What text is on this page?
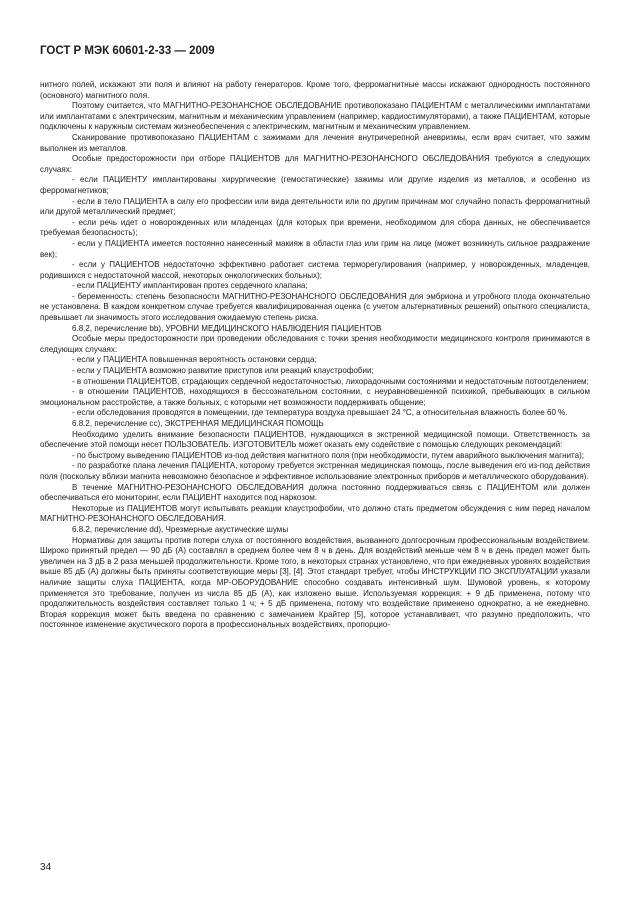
ГОСТ Р МЭК 60601-2-33 — 2009

нитного полей, искажают эти поля и влияют на работу генераторов. Кроме того, ферромагнитные массы искажают однородность постоянного (основного) магнитного поля.

Поэтому считается, что МАГНИТНО-РЕЗОНАНСНОЕ ОБСЛЕДОВАНИЕ противопоказано ПАЦИЕНТАМ с металлическими имплантатами или имплантатами с электрическим, магнитным и механическим управлением (например, кардиостимуляторами), а также ПАЦИЕНТАМ, которые подключены к наружным системам жизнеобеспечения с электрическим, магнитным и механическим управлением.

Сканирование противопоказано ПАЦИЕНТАМ с зажимами для лечения внутричерепной аневризмы, если врач считает, что зажим выполнен из металлов.

Особые предосторожности при отборе ПАЦИЕНТОВ для МАГНИТНО-РЕЗОНАНСНОГО ОБСЛЕДОВАНИЯ требуются в следующих случаях:

- если ПАЦИЕНТУ имплантированы хирургические (гемостатические) зажимы или другие изделия из металлов, и особенно из ферромагнетиков;

- если в тело ПАЦИЕНТА в силу его профессии или вида деятельности или по другим причинам мог случайно попасть ферромагнитный или другой металлический предмет;

- если речь идет о новорожденных или младенцах (для которых при времени, необходимом для сбора данных, не обеспечивается требуемая безопасность);

- если у ПАЦИЕНТА имеется постоянно нанесенный макияж в области глаз или грим на лице (может возникнуть сильное раздражение век);

- если у ПАЦИЕНТОВ недостаточно эффективно работает система терморегулирования (например, у новорожденных, младенцев, родившихся с недостаточной массой, некоторых онкологических больных);

- если ПАЦИЕНТУ имплантирован протез сердечного клапана;

- беременность: степень безопасности МАГНИТНО-РЕЗОНАНСНОГО ОБСЛЕДОВАНИЯ для эмбриона и утробного плода окончательно не установлена. В каждом конкретном случае требуется квалифицированная оценка (с учетом альтернативных решений) опытного специалиста, превышает ли значимость этого исследования ожидаемую степень риска.

6.8.2, перечисление bb), УРОВНИ МЕДИЦИНСКОГО НАБЛЮДЕНИЯ ПАЦИЕНТОВ

Особые меры предосторожности при проведении обследования с точки зрения необходимости медицинского контроля принимаются в следующих случаях:

- если у ПАЦИЕНТА повышенная вероятность остановки сердца;

- если у ПАЦИЕНТА возможно развитие приступов или реакций клаустрофобии;

- в отношении ПАЦИЕНТОВ, страдающих сердечной недостаточностью, лихорадочными состояниями и недостаточным потоотделением;

- в отношении ПАЦИЕНТОВ, находящихся в бессознательном состоянии, с неуравновешенной психикой, пребывающих в сильном эмоциональном расстройстве, а также больных, с которыми нет возможности поддерживать общение;

- если обследования проводятся в помещении, где температура воздуха превышает 24 °С, а относительная влажность более 60 %.

6.8.2, перечисление cc), ЭКСТРЕННАЯ МЕДИЦИНСКАЯ ПОМОЩЬ

Необходимо уделить внимание безопасности ПАЦИЕНТОВ, нуждающихся в экстренной медицинской помощи. Ответственность за обеспечение этой помощи несет ПОЛЬЗОВАТЕЛЬ. ИЗГОТОВИТЕЛЬ может оказать ему содействие с помощью следующих рекомендаций:

- по быстрому выведению ПАЦИЕНТОВ из-под действия магнитного поля (при необходимости, путем аварийного выключения магнита);

- по разработке плана лечения ПАЦИЕНТА, которому требуется экстренная медицинская помощь, после выведения его из-под действия поля (поскольку вблизи магнита невозможно безопасное и эффективное использование электронных приборов и металлического оборудования).

В течение МАГНИТНО-РЕЗОНАНСНОГО ОБСЛЕДОВАНИЯ должна постоянно поддерживаться связь с ПАЦИЕНТОМ или должен обеспечиваться его мониторинг, если ПАЦИЕНТ находится под наркозом.

Некоторые из ПАЦИЕНТОВ могут испытывать реакции клаустрофобии, что должно стать предметом обсуждения с ним перед началом МАГНИТНО-РЕЗОНАНСНОГО ОБСЛЕДОВАНИЯ.

6.8.2, перечисление dd), Чрезмерные акустические шумы

Нормативы для защиты против потери слуха от постоянного воздействия, вызванного долгосрочным профессиональным воздействием. Широко принятый предел — 90 дБ (A) составлял в среднем более чем 8 ч в день. Для воздействий меньше чем 8 ч в день предел может быть увеличен на 3 дБ в 2 раза меньшей продолжительности. Кроме того, в некоторых странах установлено, что при ежедневных уровнях воздействия выше 85 дБ (A) должны быть приняты соответствующие меры [3], [4]. Этот стандарт требует, чтобы ИНСТРУКЦИИ ПО ЭКСПЛУАТАЦИИ указали наличие защиты слуха ПАЦИЕНТА, когда МР-ОБОРУДОВАНИЕ способно создавать интенсивный шум. Шумовой уровень, к которому применяется это требование, получен из числа 85 дБ (A), как изложено выше. Используемая коррекция: + 9 дБ применена, потому что продолжительность воздействия составляет только 1 ч; + 5 дБ применена, потому что воздействие применено однократно, а не ежедневно. Вторая коррекция может быть введена по сравнению с замечанием Крайтер [5], которое устанавливает, что разумно предположить, что постоянное изменение акустического порога в профессиональных воздействиях, пропорцио-

34
